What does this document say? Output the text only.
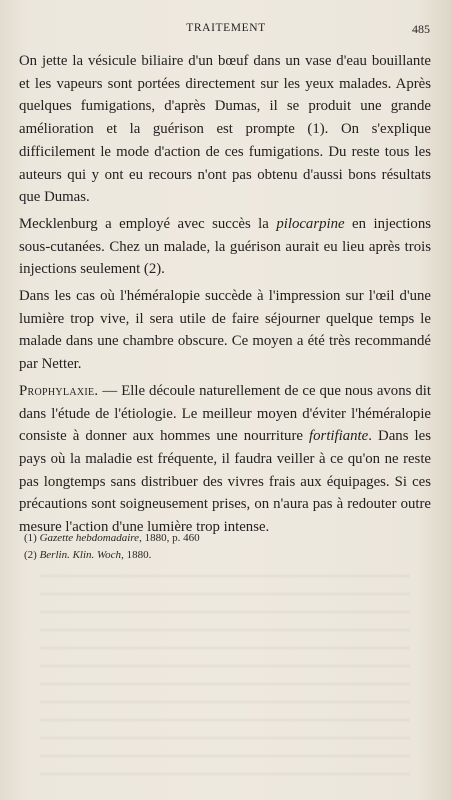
TRAITEMENT	485

On jette la vésicule biliaire d'un bœuf dans un vase d'eau bouillante et les vapeurs sont portées directement sur les yeux malades. Après quelques fumigations, d'après Dumas, il se produit une grande amélioration et la guérison est prompte (1). On s'explique difficilement le mode d'action de ces fumigations. Du reste tous les auteurs qui y ont eu recours n'ont pas obtenu d'aussi bons résultats que Dumas.

Mecklenburg a employé avec succès la pilocarpine en injections sous-cutanées. Chez un malade, la guérison aurait eu lieu après trois injections seulement (2).

Dans les cas où l'héméralopie succède à l'impression sur l'œil d'une lumière trop vive, il sera utile de faire séjourner quelque temps le malade dans une chambre obscure. Ce moyen a été très recommandé par Netter.

Prophylaxie. — Elle découle naturellement de ce que nous avons dit dans l'étude de l'étiologie. Le meilleur moyen d'éviter l'héméralopie consiste à donner aux hommes une nourriture fortifiante. Dans les pays où la maladie est fréquente, il faudra veiller à ce qu'on ne reste pas longtemps sans distribuer des vivres frais aux équipages. Si ces précautions sont soigneusement prises, on n'aura pas à redouter outre mesure l'action d'une lumière trop intense.

(1) Gazette hebdomadaire, 1880, p. 460
(2) Berlin. Klin. Woch, 1880.
